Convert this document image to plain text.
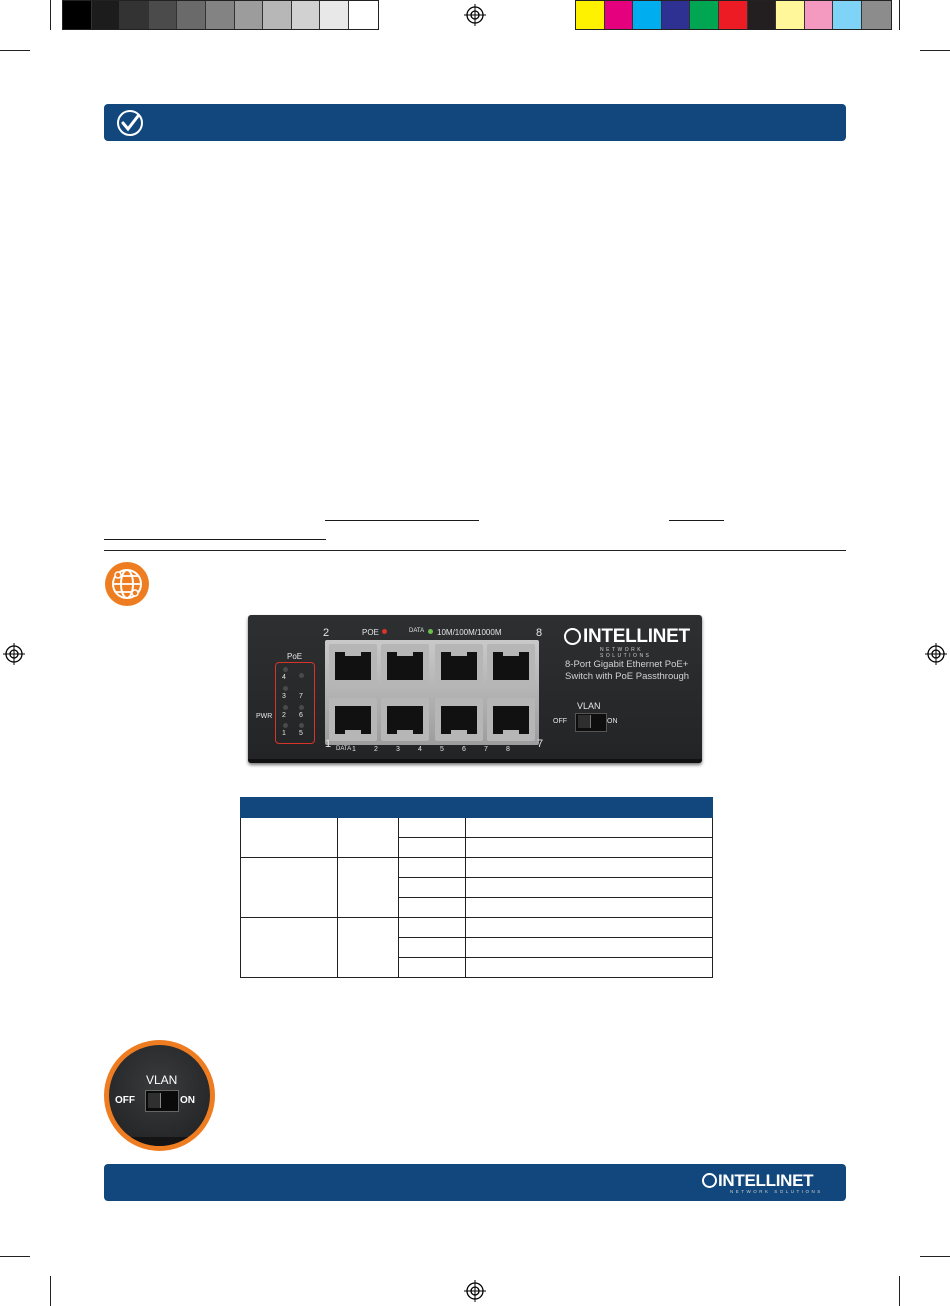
2	POE	DATA 10M/100M/1000M	8
PoE
4
3 7
2 6
1 5
PWR
1	7
DATA 1	2	3	4	5	6	7	8
INTELLINET
NETWORK SOLUTIONS
8-Port Gigabit Ethernet PoE+
Switch with PoE Passthrough
VLAN
OFF	ON

VLAN
OFF	ON
INTELLINET
NETWORK SOLUTIONS
